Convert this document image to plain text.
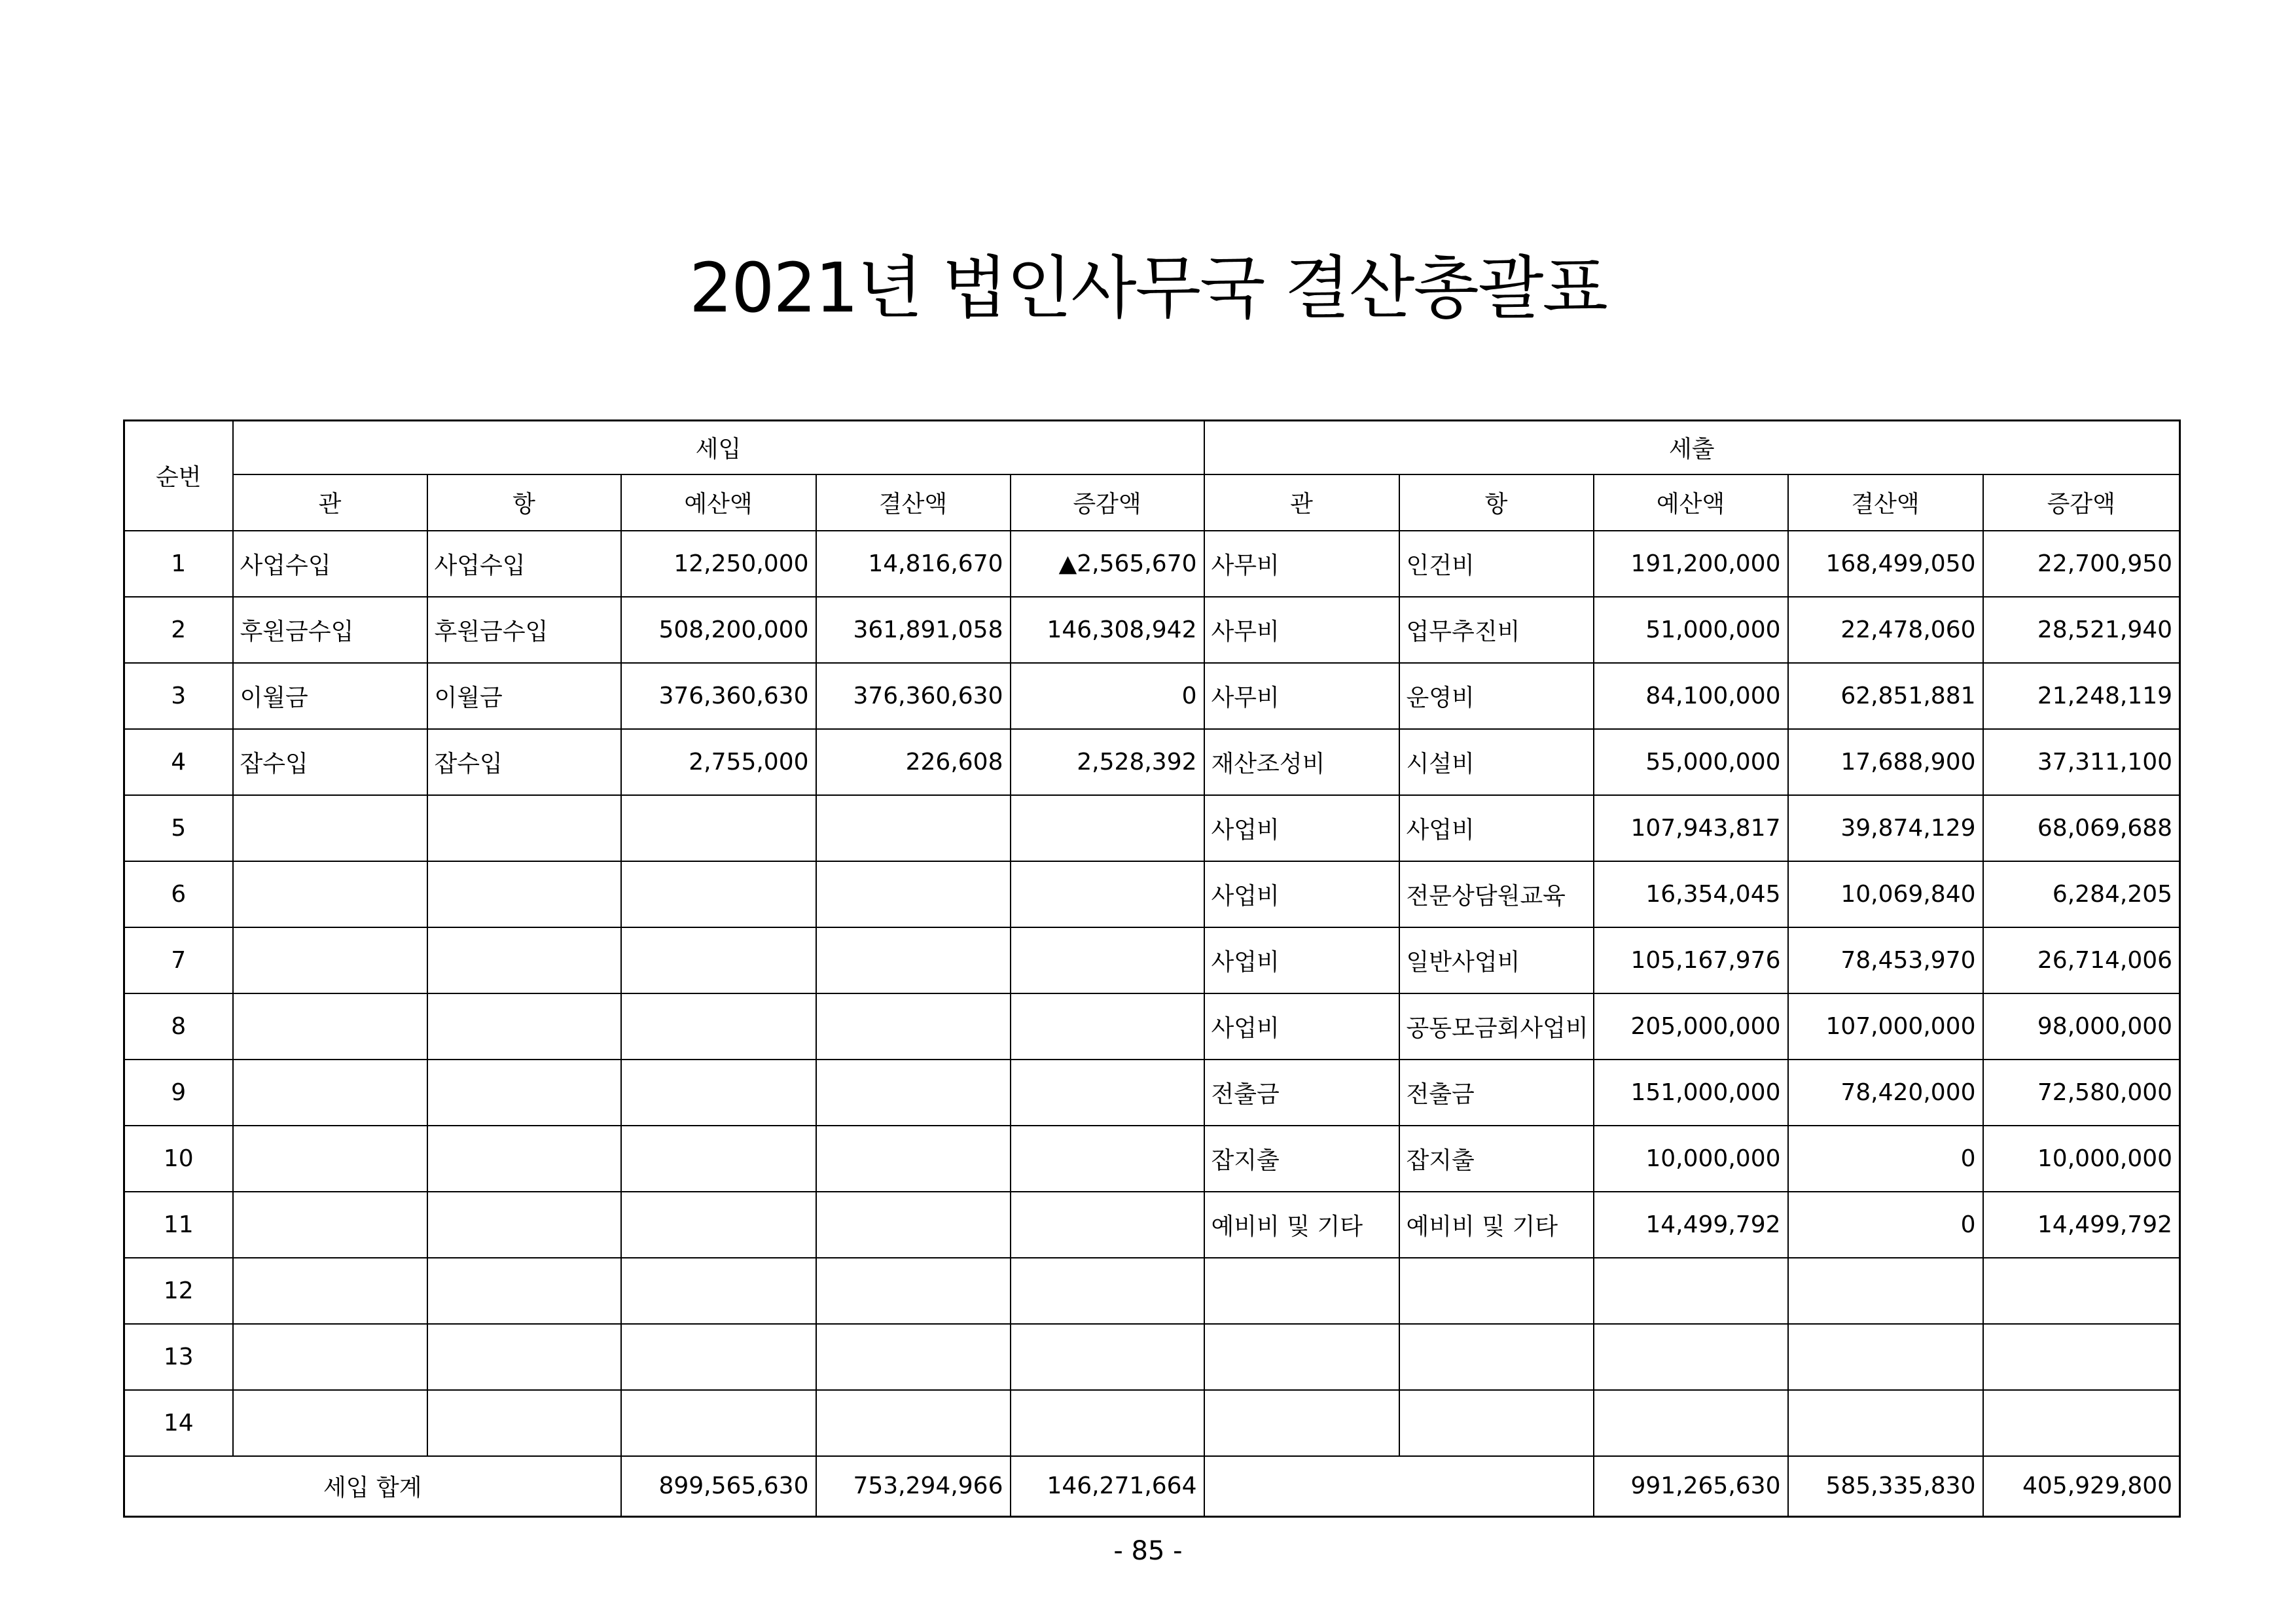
2021년 법인사무국 결산총괄표
순번	세입					세출				
	관	항	예산액	결산액	증감액	관	항	예산액	결산액	증감액
1	사업수입	사업수입	12,250,000	14,816,670	▲2,565,670	사무비	인건비	191,200,000	168,499,050	22,700,950
2	후원금수입	후원금수입	508,200,000	361,891,058	146,308,942	사무비	업무추진비	51,000,000	22,478,060	28,521,940
3	이월금	이월금	376,360,630	376,360,630	0	사무비	운영비	84,100,000	62,851,881	21,248,119
4	잡수입	잡수입	2,755,000	226,608	2,528,392	재산조성비	시설비	55,000,000	17,688,900	37,311,100
5						사업비	사업비	107,943,817	39,874,129	68,069,688
6						사업비	전문상담원교육	16,354,045	10,069,840	6,284,205
7						사업비	일반사업비	105,167,976	78,453,970	26,714,006
8						사업비	공동모금회사업비	205,000,000	107,000,000	98,000,000
9						전출금	전출금	151,000,000	78,420,000	72,580,000
10						잡지출	잡지출	10,000,000	0	10,000,000
11						예비비 및 기타	예비비 및 기타	14,499,792	0	14,499,792
12										
13										
14										
세입 합계			899,565,630	753,294,966	146,271,664			991,265,630	585,335,830	405,929,800
- 85 -
